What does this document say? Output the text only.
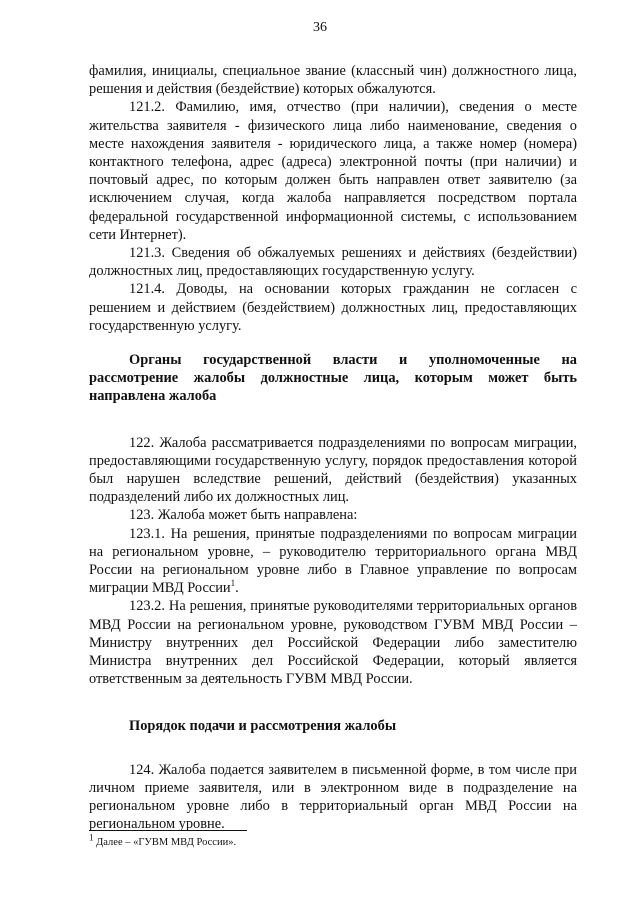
36

фамилия, инициалы, специальное звание (классный чин) должностного лица, решения и действия (бездействие) которых обжалуются.

121.2. Фамилию, имя, отчество (при наличии), сведения о месте жительства заявителя - физического лица либо наименование, сведения о месте нахождения заявителя - юридического лица, а также номер (номера) контактного телефона, адрес (адреса) электронной почты (при наличии) и почтовый адрес, по которым должен быть направлен ответ заявителю (за исключением случая, когда жалоба направляется посредством портала федеральной государственной информационной системы, с использованием сети Интернет).

121.3. Сведения об обжалуемых решениях и действиях (бездействии) должностных лиц, предоставляющих государственную услугу.

121.4. Доводы, на основании которых гражданин не согласен с решением и действием (бездействием) должностных лиц, предоставляющих государственную услугу.

Органы государственной власти и уполномоченные на рассмотрение жалобы должностные лица, которым может быть направлена жалоба

122. Жалоба рассматривается подразделениями по вопросам миграции, предоставляющими государственную услугу, порядок предоставления которой был нарушен вследствие решений, действий (бездействия) указанных подразделений либо их должностных лиц.

123. Жалоба может быть направлена:

123.1. На решения, принятые подразделениями по вопросам миграции на региональном уровне, – руководителю территориального органа МВД России на региональном уровне либо в Главное управление по вопросам миграции МВД России$^1$.

123.2. На решения, принятые руководителями территориальных органов МВД России на региональном уровне, руководством ГУВМ МВД России – Министру внутренних дел Российской Федерации либо заместителю Министра внутренних дел Российской Федерации, который является ответственным за деятельность ГУВМ МВД России.

Порядок подачи и рассмотрения жалобы

124. Жалоба подается заявителем в письменной форме, в том числе при личном приеме заявителя, или в электронном виде в подразделение на региональном уровне либо в территориальный орган МВД России на региональном уровне.

$^1$ Далее – «ГУВМ МВД России».
